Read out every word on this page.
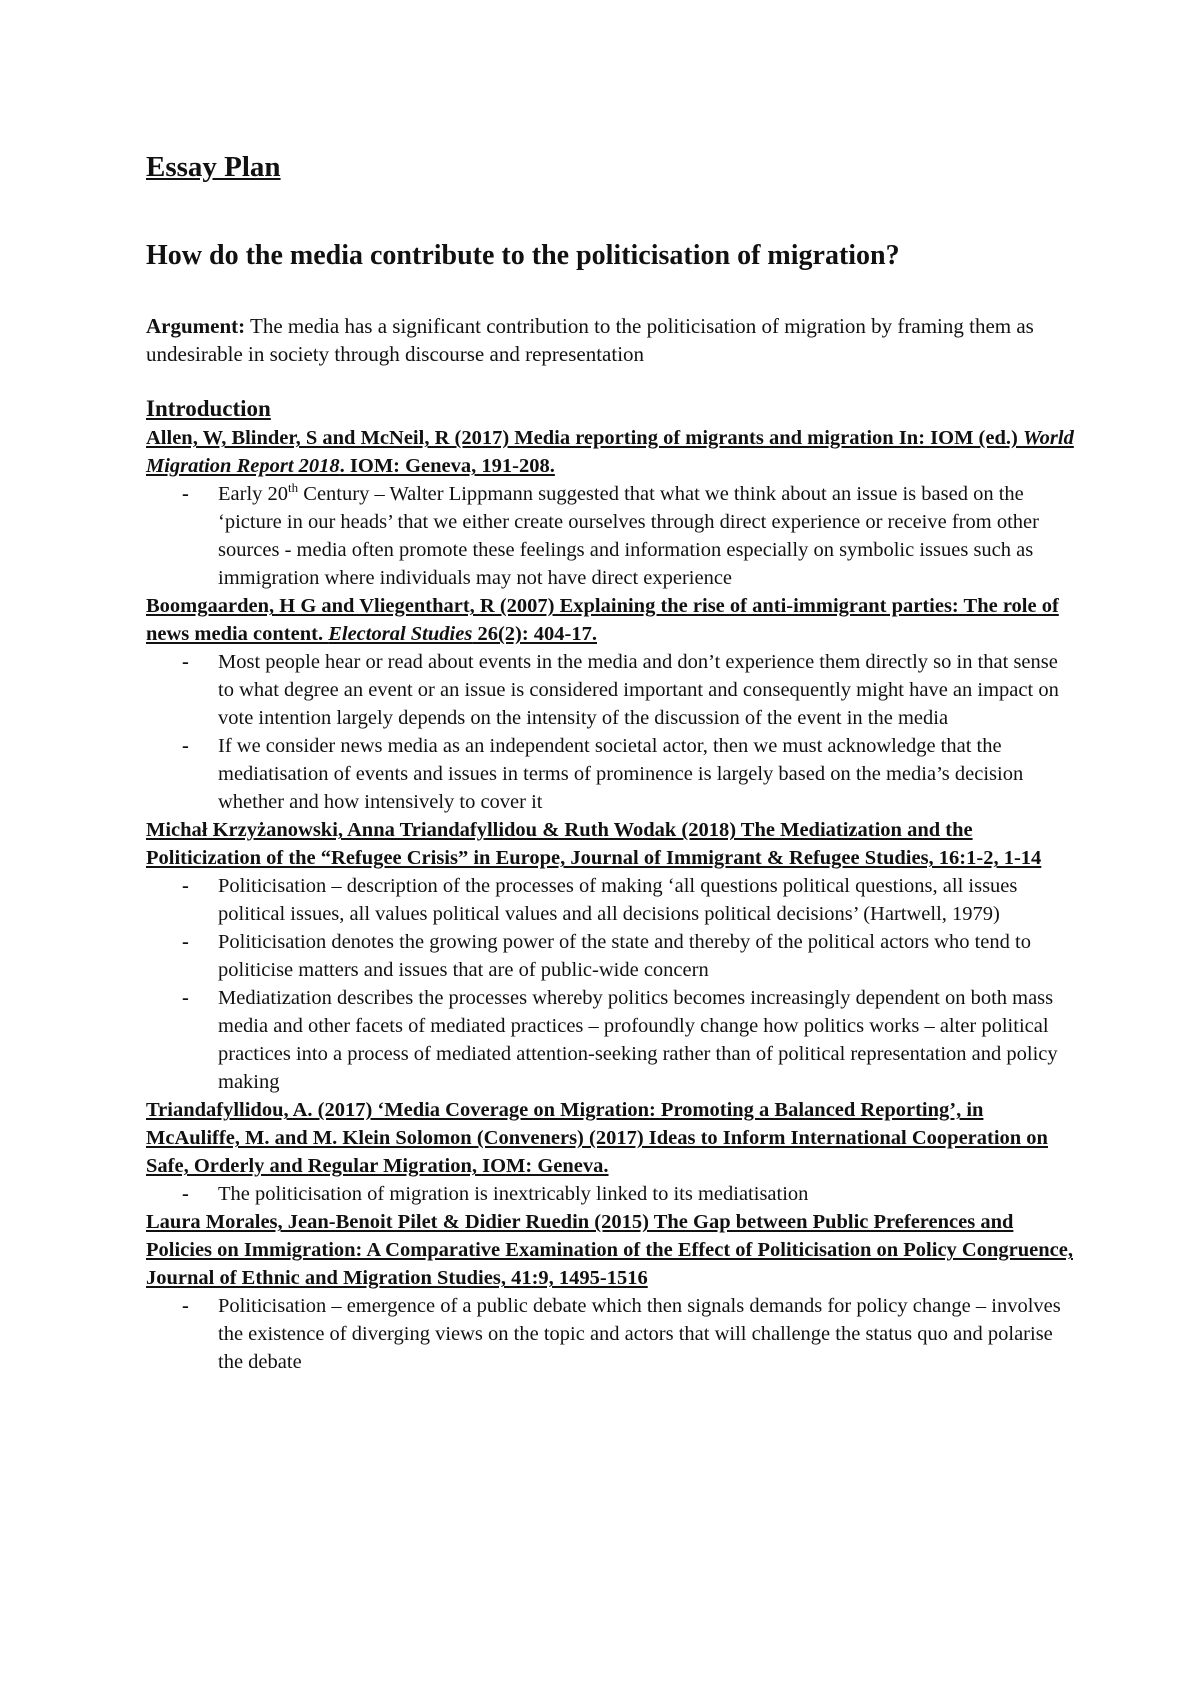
Essay Plan
How do the media contribute to the politicisation of migration?
Argument: The media has a significant contribution to the politicisation of migration by framing them as undesirable in society through discourse and representation
Introduction
Allen, W, Blinder, S and McNeil, R (2017) Media reporting of migrants and migration In: IOM (ed.) World Migration Report 2018. IOM: Geneva, 191-208.
- Early 20th Century – Walter Lippmann suggested that what we think about an issue is based on the ‘picture in our heads’ that we either create ourselves through direct experience or receive from other sources - media often promote these feelings and information especially on symbolic issues such as immigration where individuals may not have direct experience
Boomgaarden, H G and Vliegenthart, R (2007) Explaining the rise of anti-immigrant parties: The role of news media content. Electoral Studies 26(2): 404-17.
- Most people hear or read about events in the media and don’t experience them directly so in that sense to what degree an event or an issue is considered important and consequently might have an impact on vote intention largely depends on the intensity of the discussion of the event in the media
- If we consider news media as an independent societal actor, then we must acknowledge that the mediatisation of events and issues in terms of prominence is largely based on the media’s decision whether and how intensively to cover it
Michał Krzyżanowski, Anna Triandafyllidou & Ruth Wodak (2018) The Mediatization and the Politicization of the “Refugee Crisis” in Europe, Journal of Immigrant & Refugee Studies, 16:1-2, 1-14
- Politicisation – description of the processes of making ‘all questions political questions, all issues political issues, all values political values and all decisions political decisions’ (Hartwell, 1979)
- Politicisation denotes the growing power of the state and thereby of the political actors who tend to politicise matters and issues that are of public-wide concern
- Mediatization describes the processes whereby politics becomes increasingly dependent on both mass media and other facets of mediated practices – profoundly change how politics works – alter political practices into a process of mediated attention-seeking rather than of political representation and policy making
Triandafyllidou, A. (2017) ‘Media Coverage on Migration: Promoting a Balanced Reporting’, in McAuliffe, M. and M. Klein Solomon (Conveners) (2017) Ideas to Inform International Cooperation on Safe, Orderly and Regular Migration, IOM: Geneva.
- The politicisation of migration is inextricably linked to its mediatisation
Laura Morales, Jean-Benoit Pilet & Didier Ruedin (2015) The Gap between Public Preferences and Policies on Immigration: A Comparative Examination of the Effect of Politicisation on Policy Congruence, Journal of Ethnic and Migration Studies, 41:9, 1495-1516
- Politicisation – emergence of a public debate which then signals demands for policy change – involves the existence of diverging views on the topic and actors that will challenge the status quo and polarise the debate
